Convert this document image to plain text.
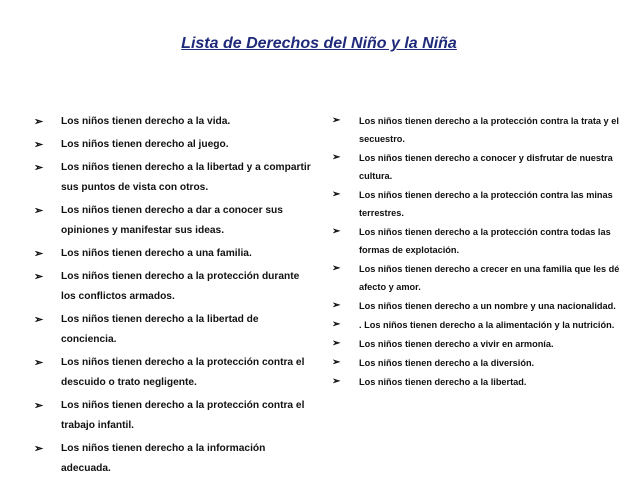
Lista de Derechos del Niño y la Niña
➢ Los niños tienen derecho a la vida.
➢ Los niños tienen derecho al juego.
➢ Los niños tienen derecho a la libertad y a compartir sus puntos de vista con otros.
➢ Los niños tienen derecho a dar a conocer sus opiniones y manifestar sus ideas.
➢ Los niños tienen derecho a una familia.
➢ Los niños tienen derecho a la protección durante los conflictos armados.
➢ Los niños tienen derecho a la libertad de conciencia.
➢ Los niños tienen derecho a la protección contra el descuido o trato negligente.
➢ Los niños tienen derecho a la protección contra el trabajo infantil.
➢ Los niños tienen derecho a la información adecuada.
➢ Los niños tienen derecho a la protección contra la trata y el secuestro.
➢ Los niños tienen derecho a conocer y disfrutar de nuestra cultura.
➢ Los niños tienen derecho a la protección contra las minas terrestres.
➢ Los niños tienen derecho a la protección contra todas las formas de explotación.
➢ Los niños tienen derecho a crecer en una familia que les dé afecto y amor.
➢ Los niños tienen derecho a un nombre y una nacionalidad.
➢ . Los niños tienen derecho a la alimentación y la nutrición.
➢ Los niños tienen derecho a vivir en armonía.
➢ Los niños tienen derecho a la diversión.
➢ Los niños tienen derecho a la libertad.
